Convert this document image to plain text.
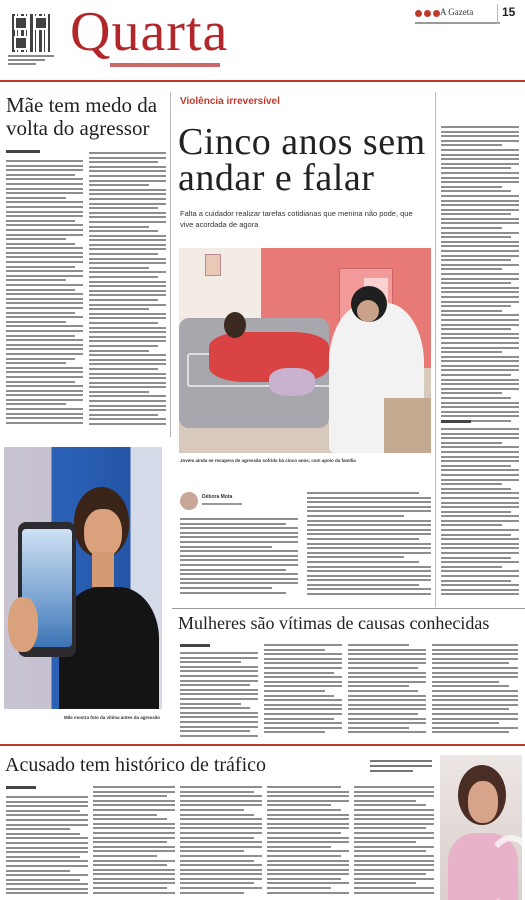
Quarta	A Gazeta 15
Mãe tem medo da volta do agressor
Mãe mostra foto da vítima antes da agressão
Violência irreversível
Cinco anos sem andar e falar
Falta a cuidador realizar tarefas cotidianas que menina não pode, que vive acordada de agora
Jovem ainda se recupera de agressão sofrida há cinco anos, com apoio da família
Débora Mota
Mulheres são vítimas de causas conhecidas
Acusado tem histórico de tráfico
